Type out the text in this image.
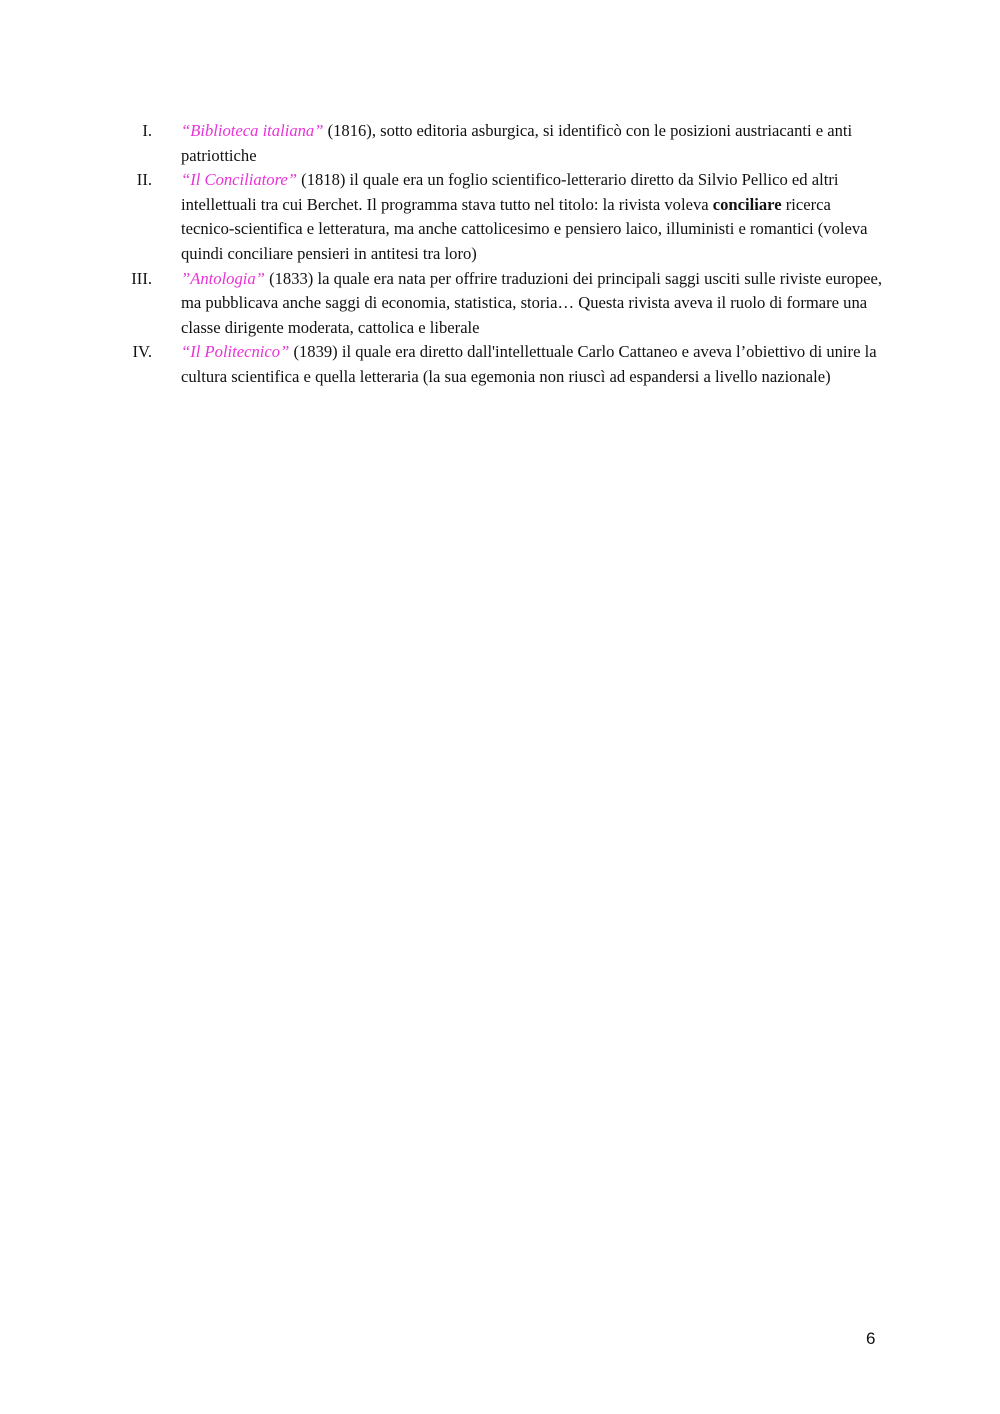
I. “Biblioteca italiana” (1816), sotto editoria asburgica, si identificò con le posizioni austriacanti e anti patriottiche
II. “Il Conciliatore” (1818) il quale era un foglio scientifico-letterario diretto da Silvio Pellico ed altri intellettuali tra cui Berchet. Il programma stava tutto nel titolo: la rivista voleva conciliare ricerca tecnico-scientifica e letteratura, ma anche cattolicesimo e pensiero laico, illuministi e romantici (voleva quindi conciliare pensieri in antitesi tra loro)
III. ”Antologia” (1833) la quale era nata per offrire traduzioni dei principali saggi usciti sulle riviste europee, ma pubblicava anche saggi di economia, statistica, storia… Questa rivista aveva il ruolo di formare una classe dirigente moderata, cattolica e liberale
IV. “Il Politecnico” (1839) il quale era diretto dall'intellettuale Carlo Cattaneo e aveva l’obiettivo di unire la cultura scientifica e quella letteraria (la sua egemonia non riuscì ad espandersi a livello nazionale)
6
